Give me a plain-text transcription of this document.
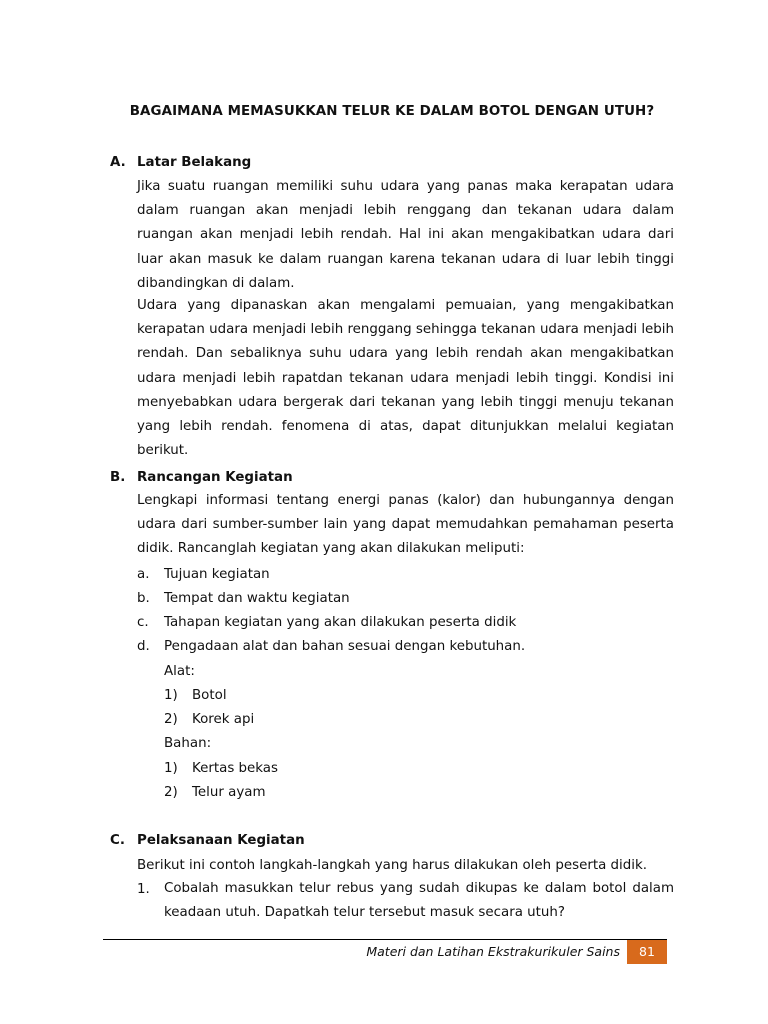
BAGAIMANA MEMASUKKAN TELUR KE DALAM BOTOL DENGAN UTUH?
A. Latar Belakang

Jika suatu ruangan memiliki suhu udara yang panas maka kerapatan udara dalam ruangan akan menjadi lebih renggang dan tekanan udara dalam ruangan akan menjadi lebih rendah. Hal ini akan mengakibatkan udara dari luar akan masuk ke dalam ruangan karena tekanan udara di luar lebih tinggi dibandingkan di dalam.

Udara yang dipanaskan akan mengalami pemuaian, yang mengakibatkan kerapatan udara menjadi lebih renggang sehingga tekanan udara menjadi lebih rendah. Dan sebaliknya suhu udara yang lebih rendah akan mengakibatkan udara menjadi lebih rapatdan tekanan udara menjadi lebih tinggi. Kondisi ini menyebabkan udara bergerak dari tekanan yang lebih tinggi menuju tekanan yang lebih rendah. fenomena di atas, dapat ditunjukkan melalui kegiatan berikut.

B. Rancangan Kegiatan

Lengkapi informasi tentang energi panas (kalor) dan hubungannya dengan udara dari sumber-sumber lain yang dapat memudahkan pemahaman peserta didik. Rancanglah kegiatan yang akan dilakukan meliputi:

a. Tujuan kegiatan
b. Tempat dan waktu kegiatan
c. Tahapan kegiatan yang akan dilakukan peserta didik
d. Pengadaan alat dan bahan sesuai dengan kebutuhan.
Alat:
1) Botol
2) Korek api
Bahan:
1) Kertas bekas
2) Telur ayam
C. Pelaksanaan Kegiatan
Berikut ini contoh langkah-langkah yang harus dilakukan oleh peserta didik.
1. Cobalah masukkan telur rebus yang sudah dikupas ke dalam botol dalam keadaan utuh. Dapatkah telur tersebut masuk secara utuh?

Materi dan Latihan Ekstrakurikuler Sains	81
